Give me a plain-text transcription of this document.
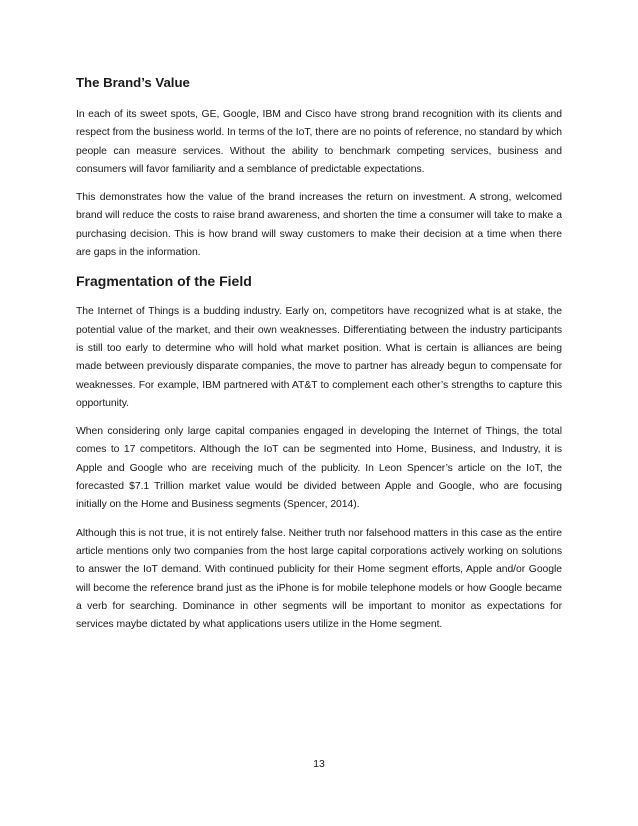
The Brand’s Value

In each of its sweet spots, GE, Google, IBM and Cisco have strong brand recognition with its clients and respect from the business world. In terms of the IoT, there are no points of reference, no standard by which people can measure services. Without the ability to benchmark competing services, business and consumers will favor familiarity and a semblance of predictable expectations.

This demonstrates how the value of the brand increases the return on investment. A strong, welcomed brand will reduce the costs to raise brand awareness, and shorten the time a consumer will take to make a purchasing decision. This is how brand will sway customers to make their decision at a time when there are gaps in the information.

Fragmentation of the Field

The Internet of Things is a budding industry. Early on, competitors have recognized what is at stake, the potential value of the market, and their own weaknesses. Differentiating between the industry participants is still too early to determine who will hold what market position. What is certain is alliances are being made between previously disparate companies, the move to partner has already begun to compensate for weaknesses. For example, IBM partnered with AT&T to complement each other’s strengths to capture this opportunity.

When considering only large capital companies engaged in developing the Internet of Things, the total comes to 17 competitors. Although the IoT can be segmented into Home, Business, and Industry, it is Apple and Google who are receiving much of the publicity. In Leon Spencer’s article on the IoT, the forecasted $7.1 Trillion market value would be divided between Apple and Google, who are focusing initially on the Home and Business segments (Spencer, 2014).

Although this is not true, it is not entirely false. Neither truth nor falsehood matters in this case as the entire article mentions only two companies from the host large capital corporations actively working on solutions to answer the IoT demand. With continued publicity for their Home segment efforts, Apple and/or Google will become the reference brand just as the iPhone is for mobile telephone models or how Google became a verb for searching. Dominance in other segments will be important to monitor as expectations for services maybe dictated by what applications users utilize in the Home segment.

13
